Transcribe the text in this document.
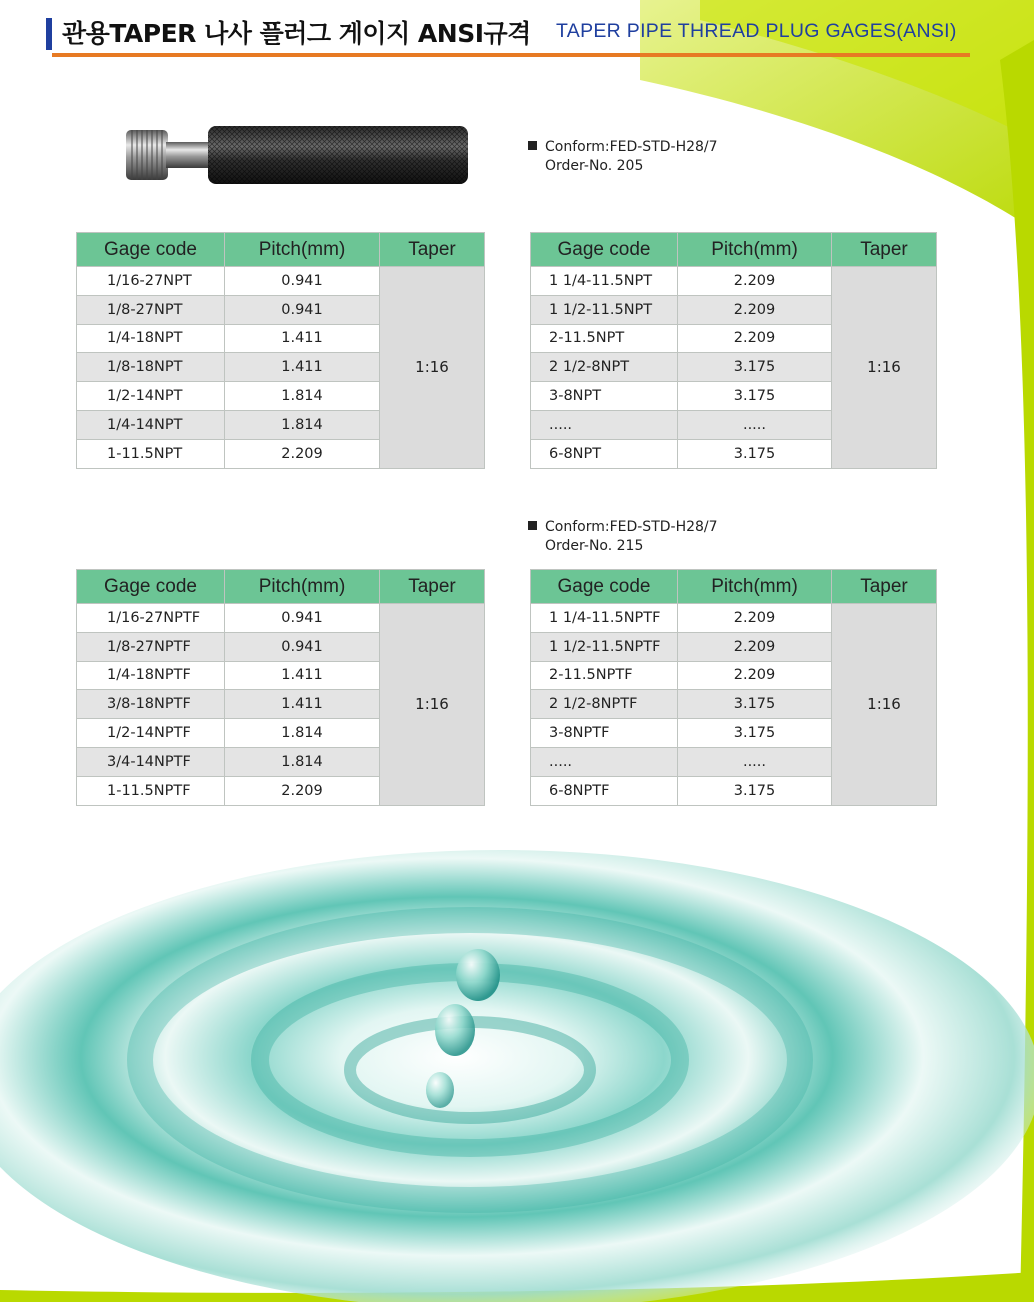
관용TAPER 나사 플러그 게이지 ANSI규격 TAPER PIPE THREAD PLUG GAGES(ANSI)
Conform:FED-STD-H28/7
Order-No. 205
Conform:FED-STD-H28/7
Order-No. 215
Gage code	Pitch(mm)	Taper
1/16-27NPT	0.941	1:16
1/8-27NPT	0.941	
1/4-18NPT	1.411	
1/8-18NPT	1.411	
1/2-14NPT	1.814	
1/4-14NPT	1.814	
1-11.5NPT	2.209	
Gage code	Pitch(mm)	Taper
1 1/4-11.5NPT	2.209	1:16
1 1/2-11.5NPT	2.209	
2-11.5NPT	2.209	
2 1/2-8NPT	3.175	
3-8NPT	3.175	
.....	.....	
6-8NPT	3.175	
Gage code	Pitch(mm)	Taper
1/16-27NPTF	0.941	1:16
1/8-27NPTF	0.941	
1/4-18NPTF	1.411	
3/8-18NPTF	1.411	
1/2-14NPTF	1.814	
3/4-14NPTF	1.814	
1-11.5NPTF	2.209	
Gage code	Pitch(mm)	Taper
1 1/4-11.5NPTF	2.209	1:16
1 1/2-11.5NPTF	2.209	
2-11.5NPTF	2.209	
2 1/2-8NPTF	3.175	
3-8NPTF	3.175	
.....	.....	
6-8NPTF	3.175	
